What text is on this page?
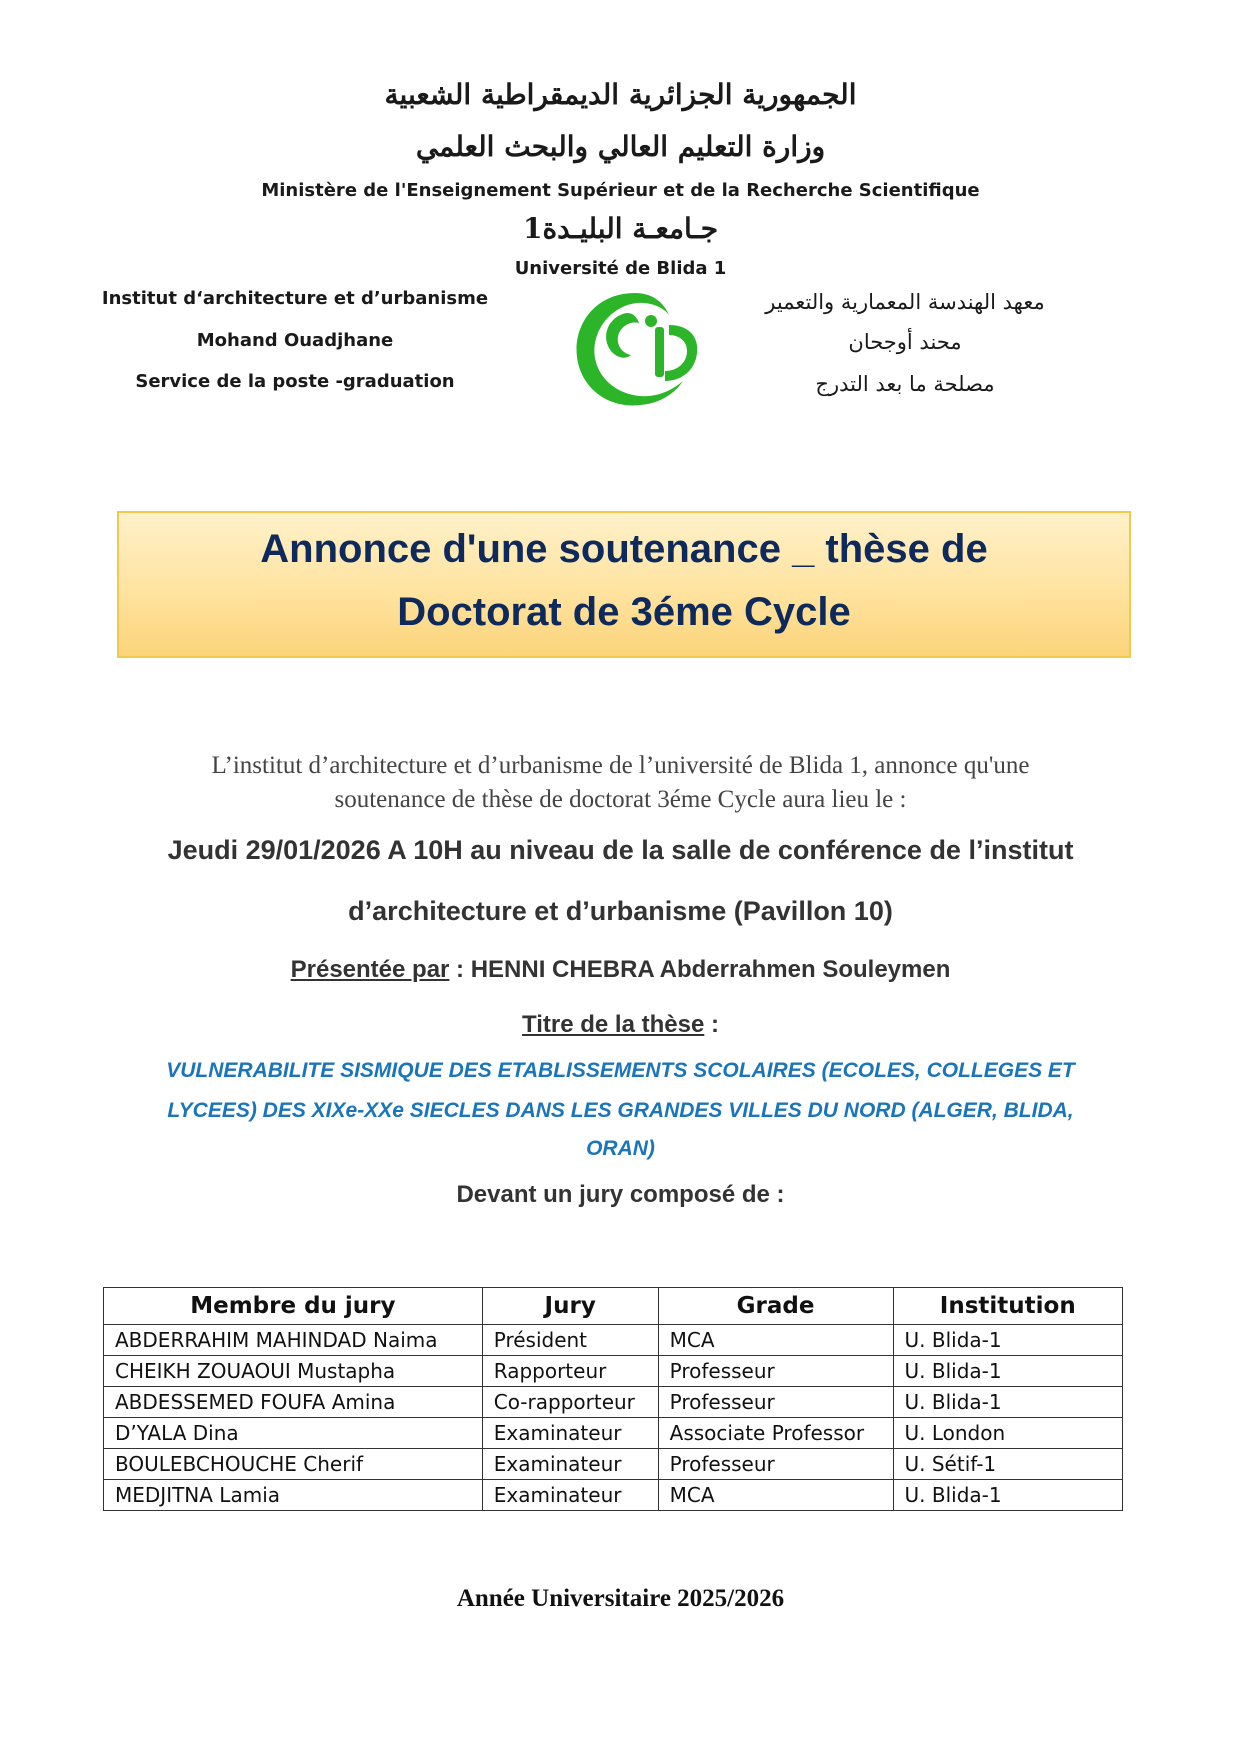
الجمهورية الجزائرية الديمقراطية الشعبية
وزارة التعليم العالي والبحث العلمي
Ministère de l'Enseignement Supérieur et de la Recherche Scientifique
جـامعـة البليـدة1
Université de Blida 1
Institut d‘architecture et d’urbanisme
Mohand Ouadjhane
Service de la poste -graduation
معهد الهندسة المعمارية والتعمير
محند أوجحان
مصلحة ما بعد التدرج
Annonce d'une soutenance _ thèse de
Doctorat de 3éme Cycle
L’institut d’architecture et d’urbanisme de l’université de Blida 1, annonce qu'une
soutenance de thèse de doctorat 3éme Cycle aura lieu le :
Jeudi 29/01/2026 A 10H au niveau de la salle de conférence de l’institut
d’architecture et d’urbanisme (Pavillon 10)
Présentée par : HENNI CHEBRA Abderrahmen Souleymen
Titre de la thèse :
VULNERABILITE SISMIQUE DES ETABLISSEMENTS SCOLAIRES (ECOLES, COLLEGES ET
LYCEES) DES XIXe-XXe SIECLES DANS LES GRANDES VILLES DU NORD (ALGER, BLIDA,
ORAN)
Devant un jury composé de :
Membre du jury	Jury	Grade	Institution
ABDERRAHIM MAHINDAD Naima	Président	MCA	U. Blida-1
CHEIKH ZOUAOUI Mustapha	Rapporteur	Professeur	U. Blida-1
ABDESSEMED FOUFA Amina	Co-rapporteur	Professeur	U. Blida-1
D’YALA Dina	Examinateur	Associate Professor	U. London
BOULEBCHOUCHE Cherif	Examinateur	Professeur	U. Sétif-1
MEDJITNA Lamia	Examinateur	MCA	U. Blida-1
Année Universitaire 2025/2026
